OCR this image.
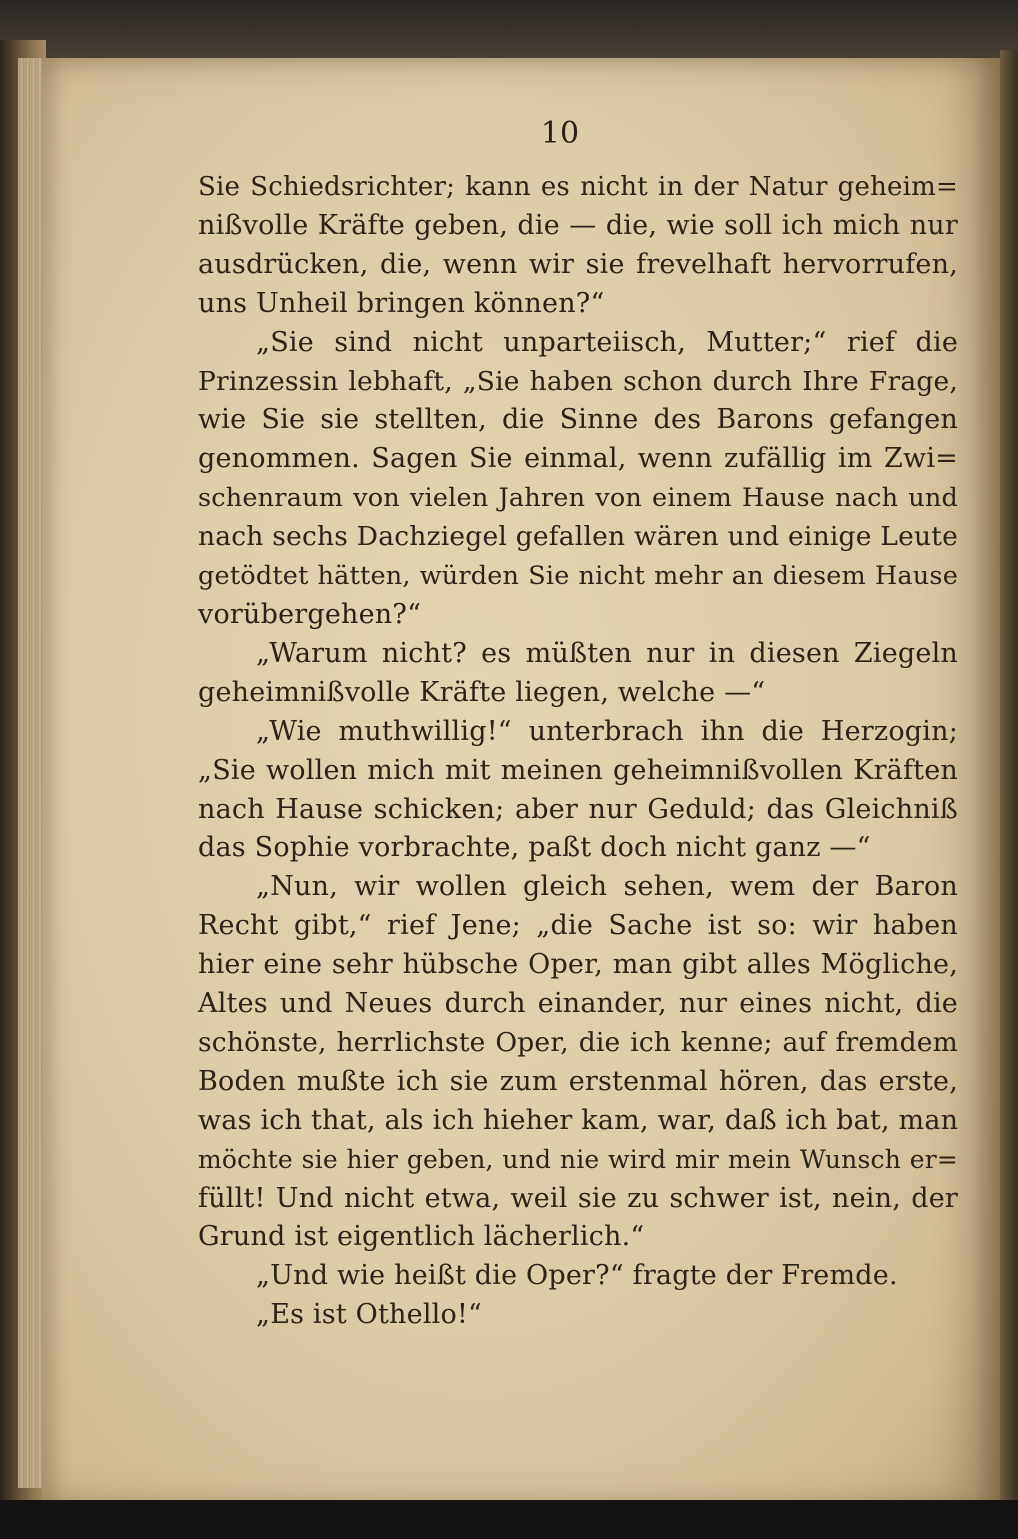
10
Sie Schiedsrichter; kann es nicht in der Natur geheim=
nißvolle Kräfte geben, die — die, wie soll ich mich nur
ausdrücken, die, wenn wir sie frevelhaft hervorrufen,
uns Unheil bringen können?“
„Sie sind nicht unparteiisch, Mutter;“ rief die
Prinzessin lebhaft, „Sie haben schon durch Ihre Frage,
wie Sie sie stellten, die Sinne des Barons gefangen
genommen. Sagen Sie einmal, wenn zufällig im Zwi=
schenraum von vielen Jahren von einem Hause nach und
nach sechs Dachziegel gefallen wären und einige Leute
getödtet hätten, würden Sie nicht mehr an diesem Hause
vorübergehen?“
„Warum nicht? es müßten nur in diesen Ziegeln
geheimnißvolle Kräfte liegen, welche —“
„Wie muthwillig!“ unterbrach ihn die Herzogin;
„Sie wollen mich mit meinen geheimnißvollen Kräften
nach Hause schicken; aber nur Geduld; das Gleichniß
das Sophie vorbrachte, paßt doch nicht ganz —“
„Nun, wir wollen gleich sehen, wem der Baron
Recht gibt,“ rief Jene; „die Sache ist so: wir haben
hier eine sehr hübsche Oper, man gibt alles Mögliche,
Altes und Neues durch einander, nur eines nicht, die
schönste, herrlichste Oper, die ich kenne; auf fremdem
Boden mußte ich sie zum erstenmal hören, das erste,
was ich that, als ich hieher kam, war, daß ich bat, man
möchte sie hier geben, und nie wird mir mein Wunsch er=
füllt! Und nicht etwa, weil sie zu schwer ist, nein, der
Grund ist eigentlich lächerlich.“
„Und wie heißt die Oper?“ fragte der Fremde.
„Es ist Othello!“
